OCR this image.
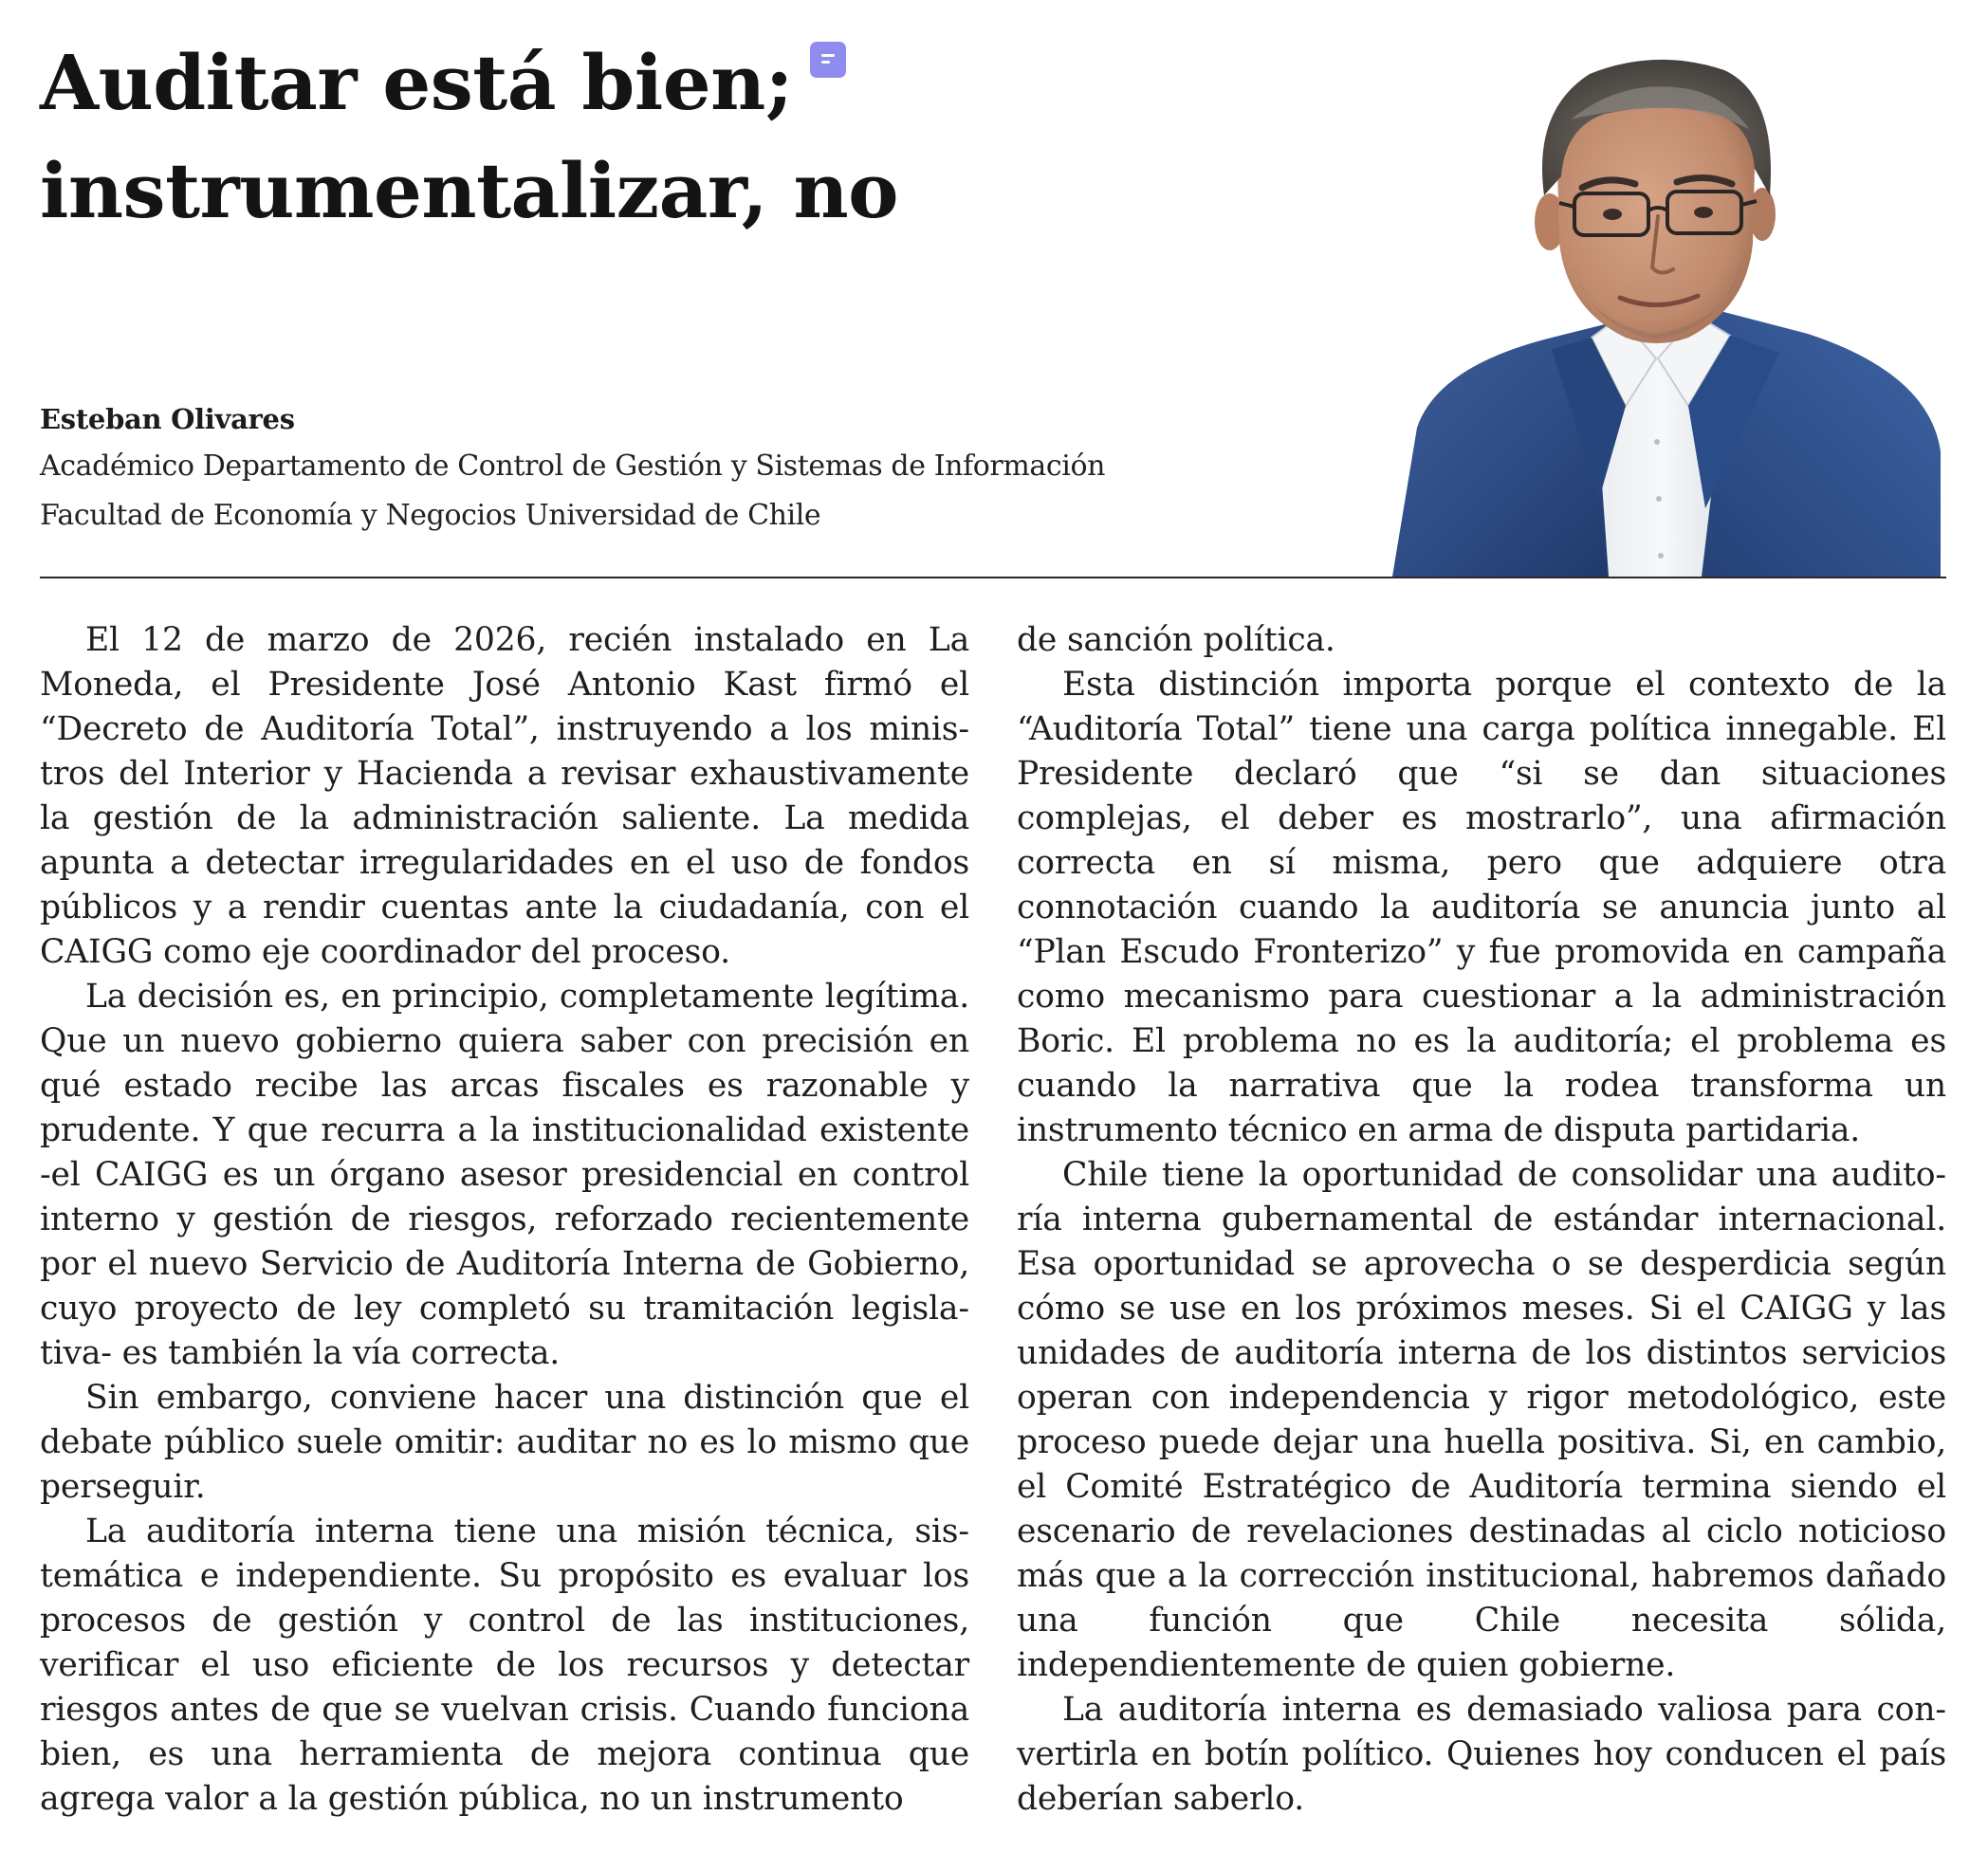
Auditar está bien;
instrumentalizar, no
Esteban Olivares
Académico Departamento de Control de Gestión y Sistemas de Información
Facultad de Economía y Negocios Universidad de Chile

El 12 de marzo de 2026, recién instalado en La Moneda, el Presidente José Antonio Kast firmó el “Decreto de Auditoría Total”, instruyendo a los ministros del Interior y Hacienda a revisar exhaustivamente la gestión de la administración saliente. La medida apunta a detectar irregularidades en el uso de fondos públicos y a rendir cuentas ante la ciudadanía, con el CAIGG como eje coordinador del proceso.

La decisión es, en principio, completamente legítima. Que un nuevo gobierno quiera saber con precisión en qué estado recibe las arcas fiscales es razonable y prudente. Y que recurra a la institucionalidad existente -el CAIGG es un órgano asesor presidencial en control interno y gestión de riesgos, reforzado recientemente por el nuevo Servicio de Auditoría Interna de Gobierno, cuyo proyecto de ley completó su tramitación legislativa- es también la vía correcta.

Sin embargo, conviene hacer una distinción que el debate público suele omitir: auditar no es lo mismo que perseguir.

La auditoría interna tiene una misión técnica, sistemática e independiente. Su propósito es evaluar los procesos de gestión y control de las instituciones, verificar el uso eficiente de los recursos y detectar riesgos antes de que se vuelvan crisis. Cuando funciona bien, es una herramienta de mejora continua que agrega valor a la gestión pública, no un instrumento

de sanción política.

Esta distinción importa porque el contexto de la “Auditoría Total” tiene una carga política innegable. El Presidente declaró que “si se dan situaciones complejas, el deber es mostrarlo”, una afirmación correcta en sí misma, pero que adquiere otra connotación cuando la auditoría se anuncia junto al “Plan Escudo Fronterizo” y fue promovida en campaña como mecanismo para cuestionar a la administración Boric. El problema no es la auditoría; el problema es cuando la narrativa que la rodea transforma un instrumento técnico en arma de disputa partidaria.

Chile tiene la oportunidad de consolidar una auditoría interna gubernamental de estándar internacional. Esa oportunidad se aprovecha o se desperdicia según cómo se use en los próximos meses. Si el CAIGG y las unidades de auditoría interna de los distintos servicios operan con independencia y rigor metodológico, este proceso puede dejar una huella positiva. Si, en cambio, el Comité Estratégico de Auditoría termina siendo el escenario de revelaciones destinadas al ciclo noticioso más que a la corrección institucional, habremos dañado una función que Chile necesita sólida, independientemente de quien gobierne.

La auditoría interna es demasiado valiosa para convertirla en botín político. Quienes hoy conducen el país deberían saberlo.
